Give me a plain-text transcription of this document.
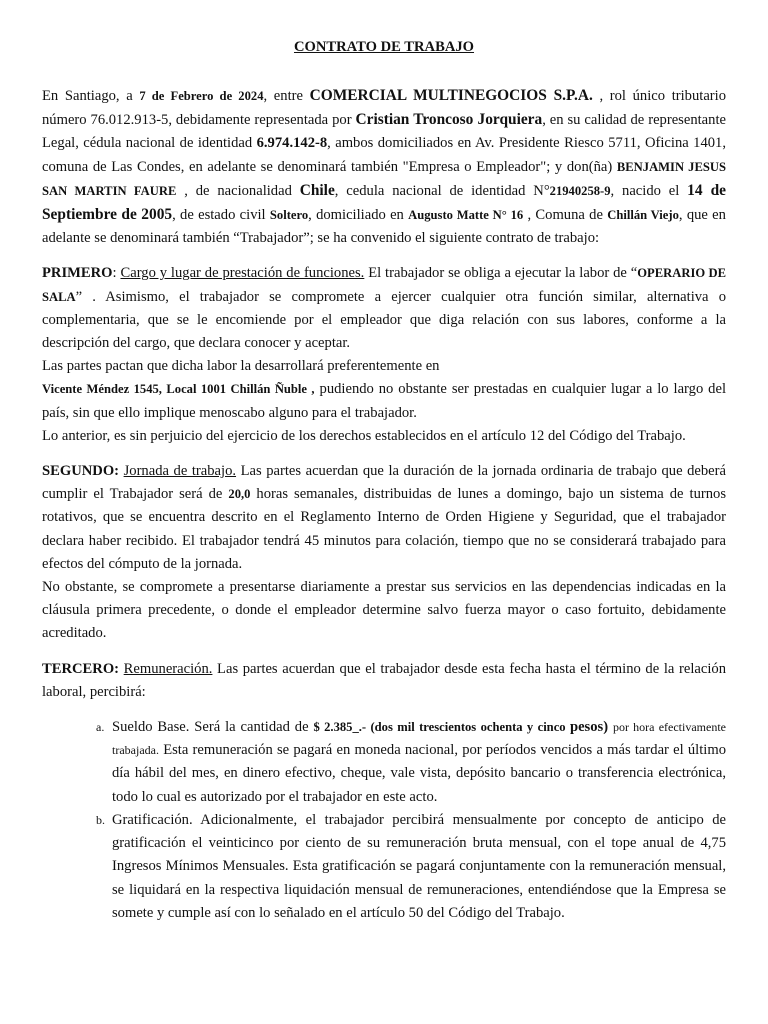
CONTRATO DE TRABAJO

En Santiago, a 7 de Febrero de 2024, entre COMERCIAL MULTINEGOCIOS S.P.A. , rol único tributario número 76.012.913-5, debidamente representada por Cristian Troncoso Jorquiera, en su calidad de representante Legal, cédula nacional de identidad 6.974.142-8, ambos domiciliados en Av. Presidente Riesco 5711, Oficina 1401, comuna de Las Condes, en adelante se denominará también "Empresa o Empleador"; y don(ña) BENJAMIN JESUS SAN MARTIN FAURE , de nacionalidad Chile, cedula nacional de identidad N°21940258-9, nacido el 14 de Septiembre de 2005, de estado civil Soltero, domiciliado en Augusto Matte N° 16 , Comuna de Chillán Viejo, que en adelante se denominará también “Trabajador”; se ha convenido el siguiente contrato de trabajo:

PRIMERO: Cargo y lugar de prestación de funciones. El trabajador se obliga a ejecutar la labor de “OPERARIO DE SALA” . Asimismo, el trabajador se compromete a ejercer cualquier otra función similar, alternativa o complementaria, que se le encomiende por el empleador que diga relación con sus labores, conforme a la descripción del cargo, que declara conocer y aceptar.

Las partes pactan que dicha labor la desarrollará preferentemente en

Vicente Méndez 1545, Local 1001 Chillán Ñuble , pudiendo no obstante ser prestadas en cualquier lugar a lo largo del país, sin que ello implique menoscabo alguno para el trabajador.

Lo anterior, es sin perjuicio del ejercicio de los derechos establecidos en el artículo 12 del Código del Trabajo.

SEGUNDO: Jornada de trabajo. Las partes acuerdan que la duración de la jornada ordinaria de trabajo que deberá cumplir el Trabajador será de 20,0 horas semanales, distribuidas de lunes a domingo, bajo un sistema de turnos rotativos, que se encuentra descrito en el Reglamento Interno de Orden Higiene y Seguridad, que el trabajador declara haber recibido. El trabajador tendrá 45 minutos para colación, tiempo que no se considerará trabajado para efectos del cómputo de la jornada.

No obstante, se compromete a presentarse diariamente a prestar sus servicios en las dependencias indicadas en la cláusula primera precedente, o donde el empleador determine salvo fuerza mayor o caso fortuito, debidamente acreditado.

TERCERO: Remuneración. Las partes acuerdan que el trabajador desde esta fecha hasta el término de la relación laboral, percibirá:

a. Sueldo Base. Será la cantidad de $ 2.385_.- (dos mil trescientos ochenta y cinco pesos) por hora efectivamente trabajada. Esta remuneración se pagará en moneda nacional, por períodos vencidos a más tardar el último día hábil del mes, en dinero efectivo, cheque, vale vista, depósito bancario o transferencia electrónica, todo lo cual es autorizado por el trabajador en este acto.
b. Gratificación. Adicionalmente, el trabajador percibirá mensualmente por concepto de anticipo de gratificación el veinticinco por ciento de su remuneración bruta mensual, con el tope anual de 4,75 Ingresos Mínimos Mensuales. Esta gratificación se pagará conjuntamente con la remuneración mensual, se liquidará en la respectiva liquidación mensual de remuneraciones, entendiéndose que la Empresa se somete y cumple así con lo señalado en el artículo 50 del Código del Trabajo.
